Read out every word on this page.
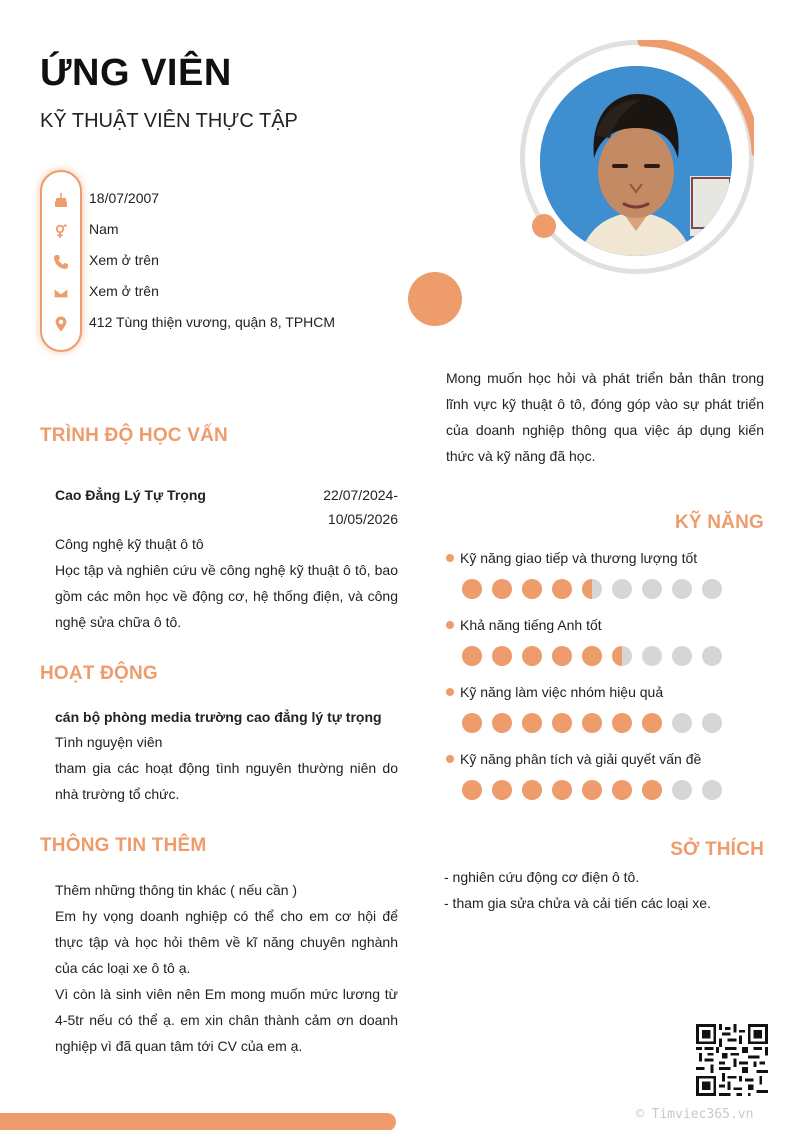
ỨNG VIÊN
KỸ THUẬT VIÊN THỰC TẬP
18/07/2007
Nam
Xem ở trên
Xem ở trên
412 Tùng thiện vương, quận 8, TPHCM

Mong muốn học hỏi và phát triển bản thân trong lĩnh vực kỹ thuật ô tô, đóng góp vào sự phát triển của doanh nghiệp thông qua việc áp dụng kiến thức và kỹ năng đã học.

TRÌNH ĐỘ HỌC VẤN

Cao Đẳng Lý Tự Trọng	22/07/2024-

10/05/2026

Công nghệ kỹ thuật ô tô

Học tập và nghiên cứu về công nghệ kỹ thuật ô tô, bao gồm các môn học về động cơ, hệ thống điện, và công nghệ sửa chữa ô tô.

HOẠT ĐỘNG

cán bộ phòng media trường cao đẳng lý tự trọng

Tình nguyện viên

tham gia các hoạt động tình nguyên thường niên do nhà trường tổ chức.

THÔNG TIN THÊM

Thêm những thông tin khác ( nếu cần )

Em hy vọng doanh nghiệp có thể cho em cơ hội để thực tập và học hỏi thêm về kĩ năng chuyên nghành của các loại xe ô tô ạ.

Vì còn là sinh viên nên Em mong muốn mức lương từ 4-5tr nếu có thể ạ. em xin chân thành cảm ơn doanh nghiệp vì đã quan tâm tới CV của em ạ.

KỸ NĂNG
Kỹ năng giao tiếp và thương lượng tốt
Khả năng tiếng Anh tốt
Kỹ năng làm việc nhóm hiệu quả
Kỹ năng phân tích và giải quyết vấn đề
SỞ THÍCH

- nghiên cứu động cơ điện ô tô.

- tham gia sửa chửa và cải tiến các loại xe.

© Timviec365.vn
